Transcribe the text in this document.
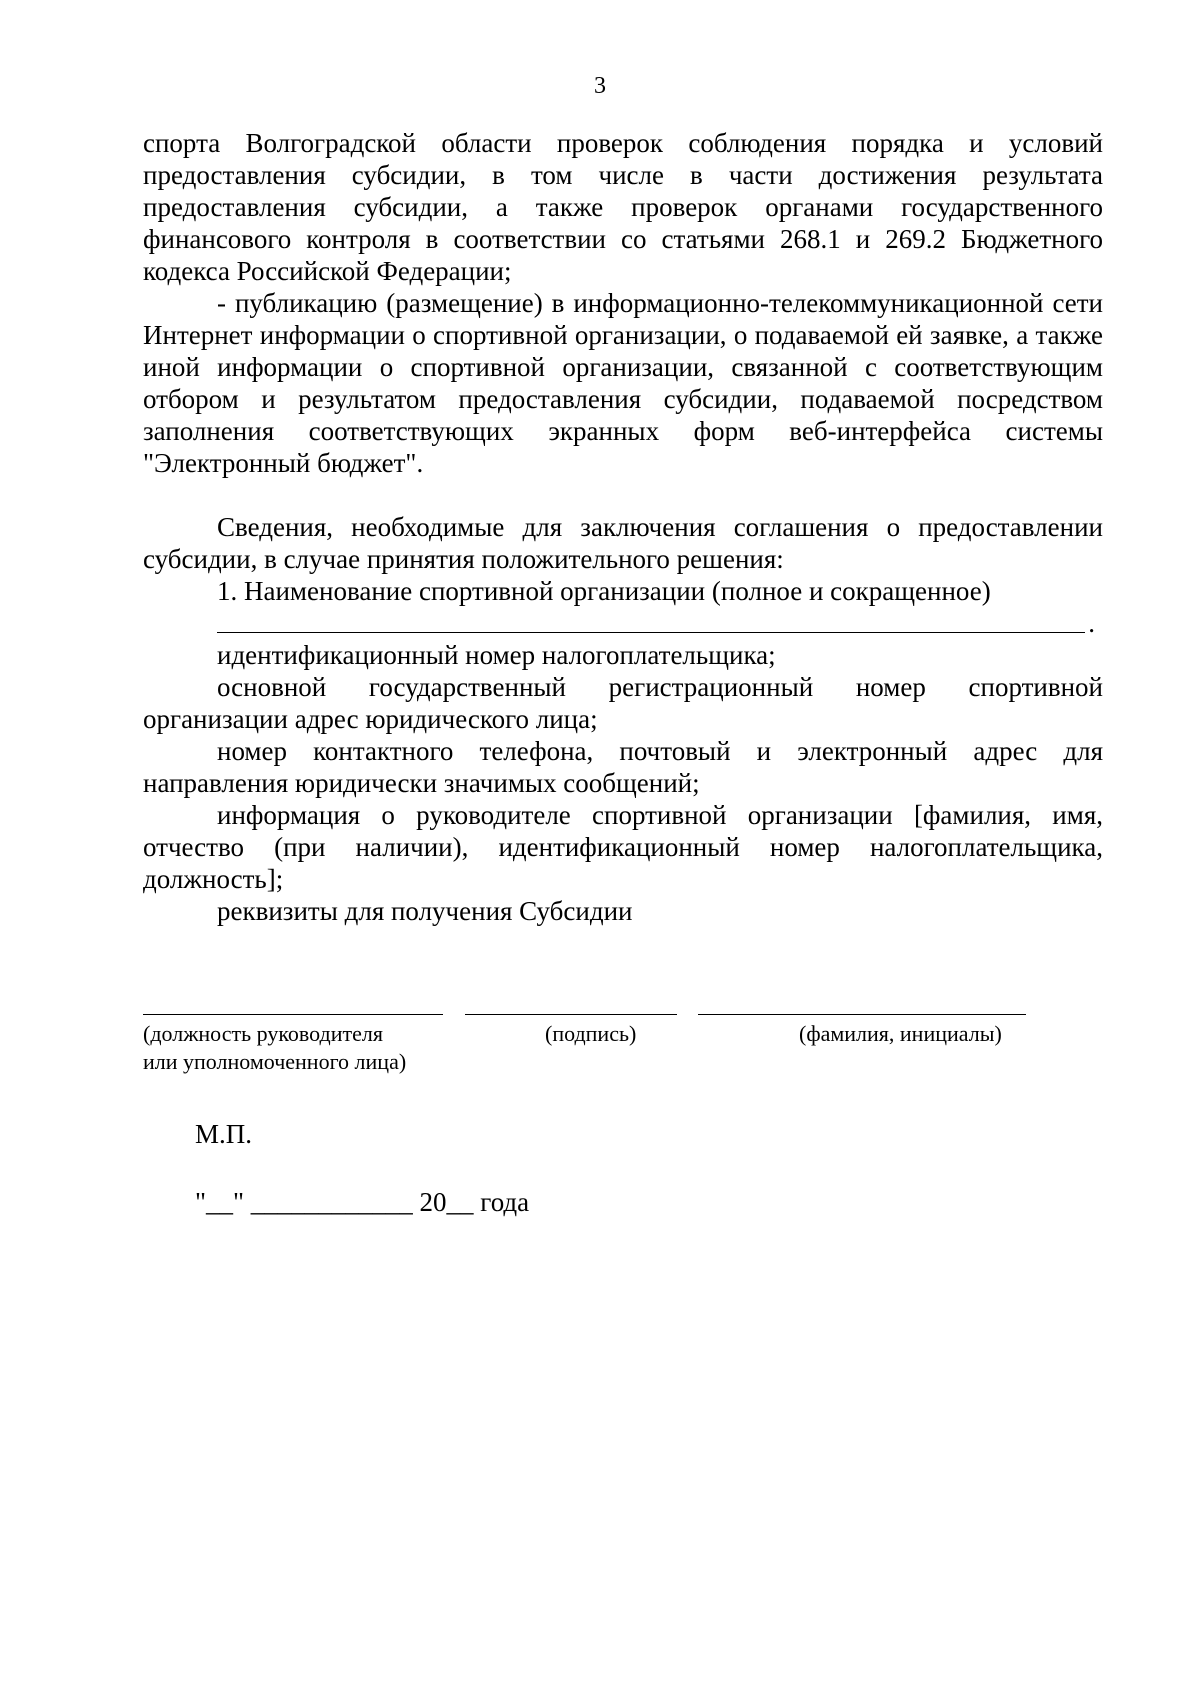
3

спорта Волгоградской области проверок соблюдения порядка и условий предоставления субсидии, в том числе в части достижения результата предоставления субсидии, а также проверок органами государственного финансового контроля в соответствии со статьями 268.1 и 269.2 Бюджетного кодекса Российской Федерации;

- публикацию (размещение) в информационно-телекоммуникационной сети Интернет информации о спортивной организации, о подаваемой ей заявке, а также иной информации о спортивной организации, связанной с соответствующим отбором и результатом предоставления субсидии, подаваемой посредством заполнения соответствующих экранных форм веб-интерфейса системы "Электронный бюджет".

Сведения, необходимые для заключения соглашения о предоставлении субсидии, в случае принятия положительного решения:

1. Наименование спортивной организации (полное и сокращенное)

.

идентификационный номер налогоплательщика;

основной государственный регистрационный номер спортивной организации адрес юридического лица;

номер контактного телефона, почтовый и электронный адрес для направления юридически значимых сообщений;

информация о руководителе спортивной организации [фамилия, имя, отчество (при наличии), идентификационный номер налогоплательщика, должность];

реквизиты для получения Субсидии

(должность руководителя
или уполномоченного лица)
(подпись)	(фамилия, инициалы)
М.П.
"__" ____________ 20__ года
